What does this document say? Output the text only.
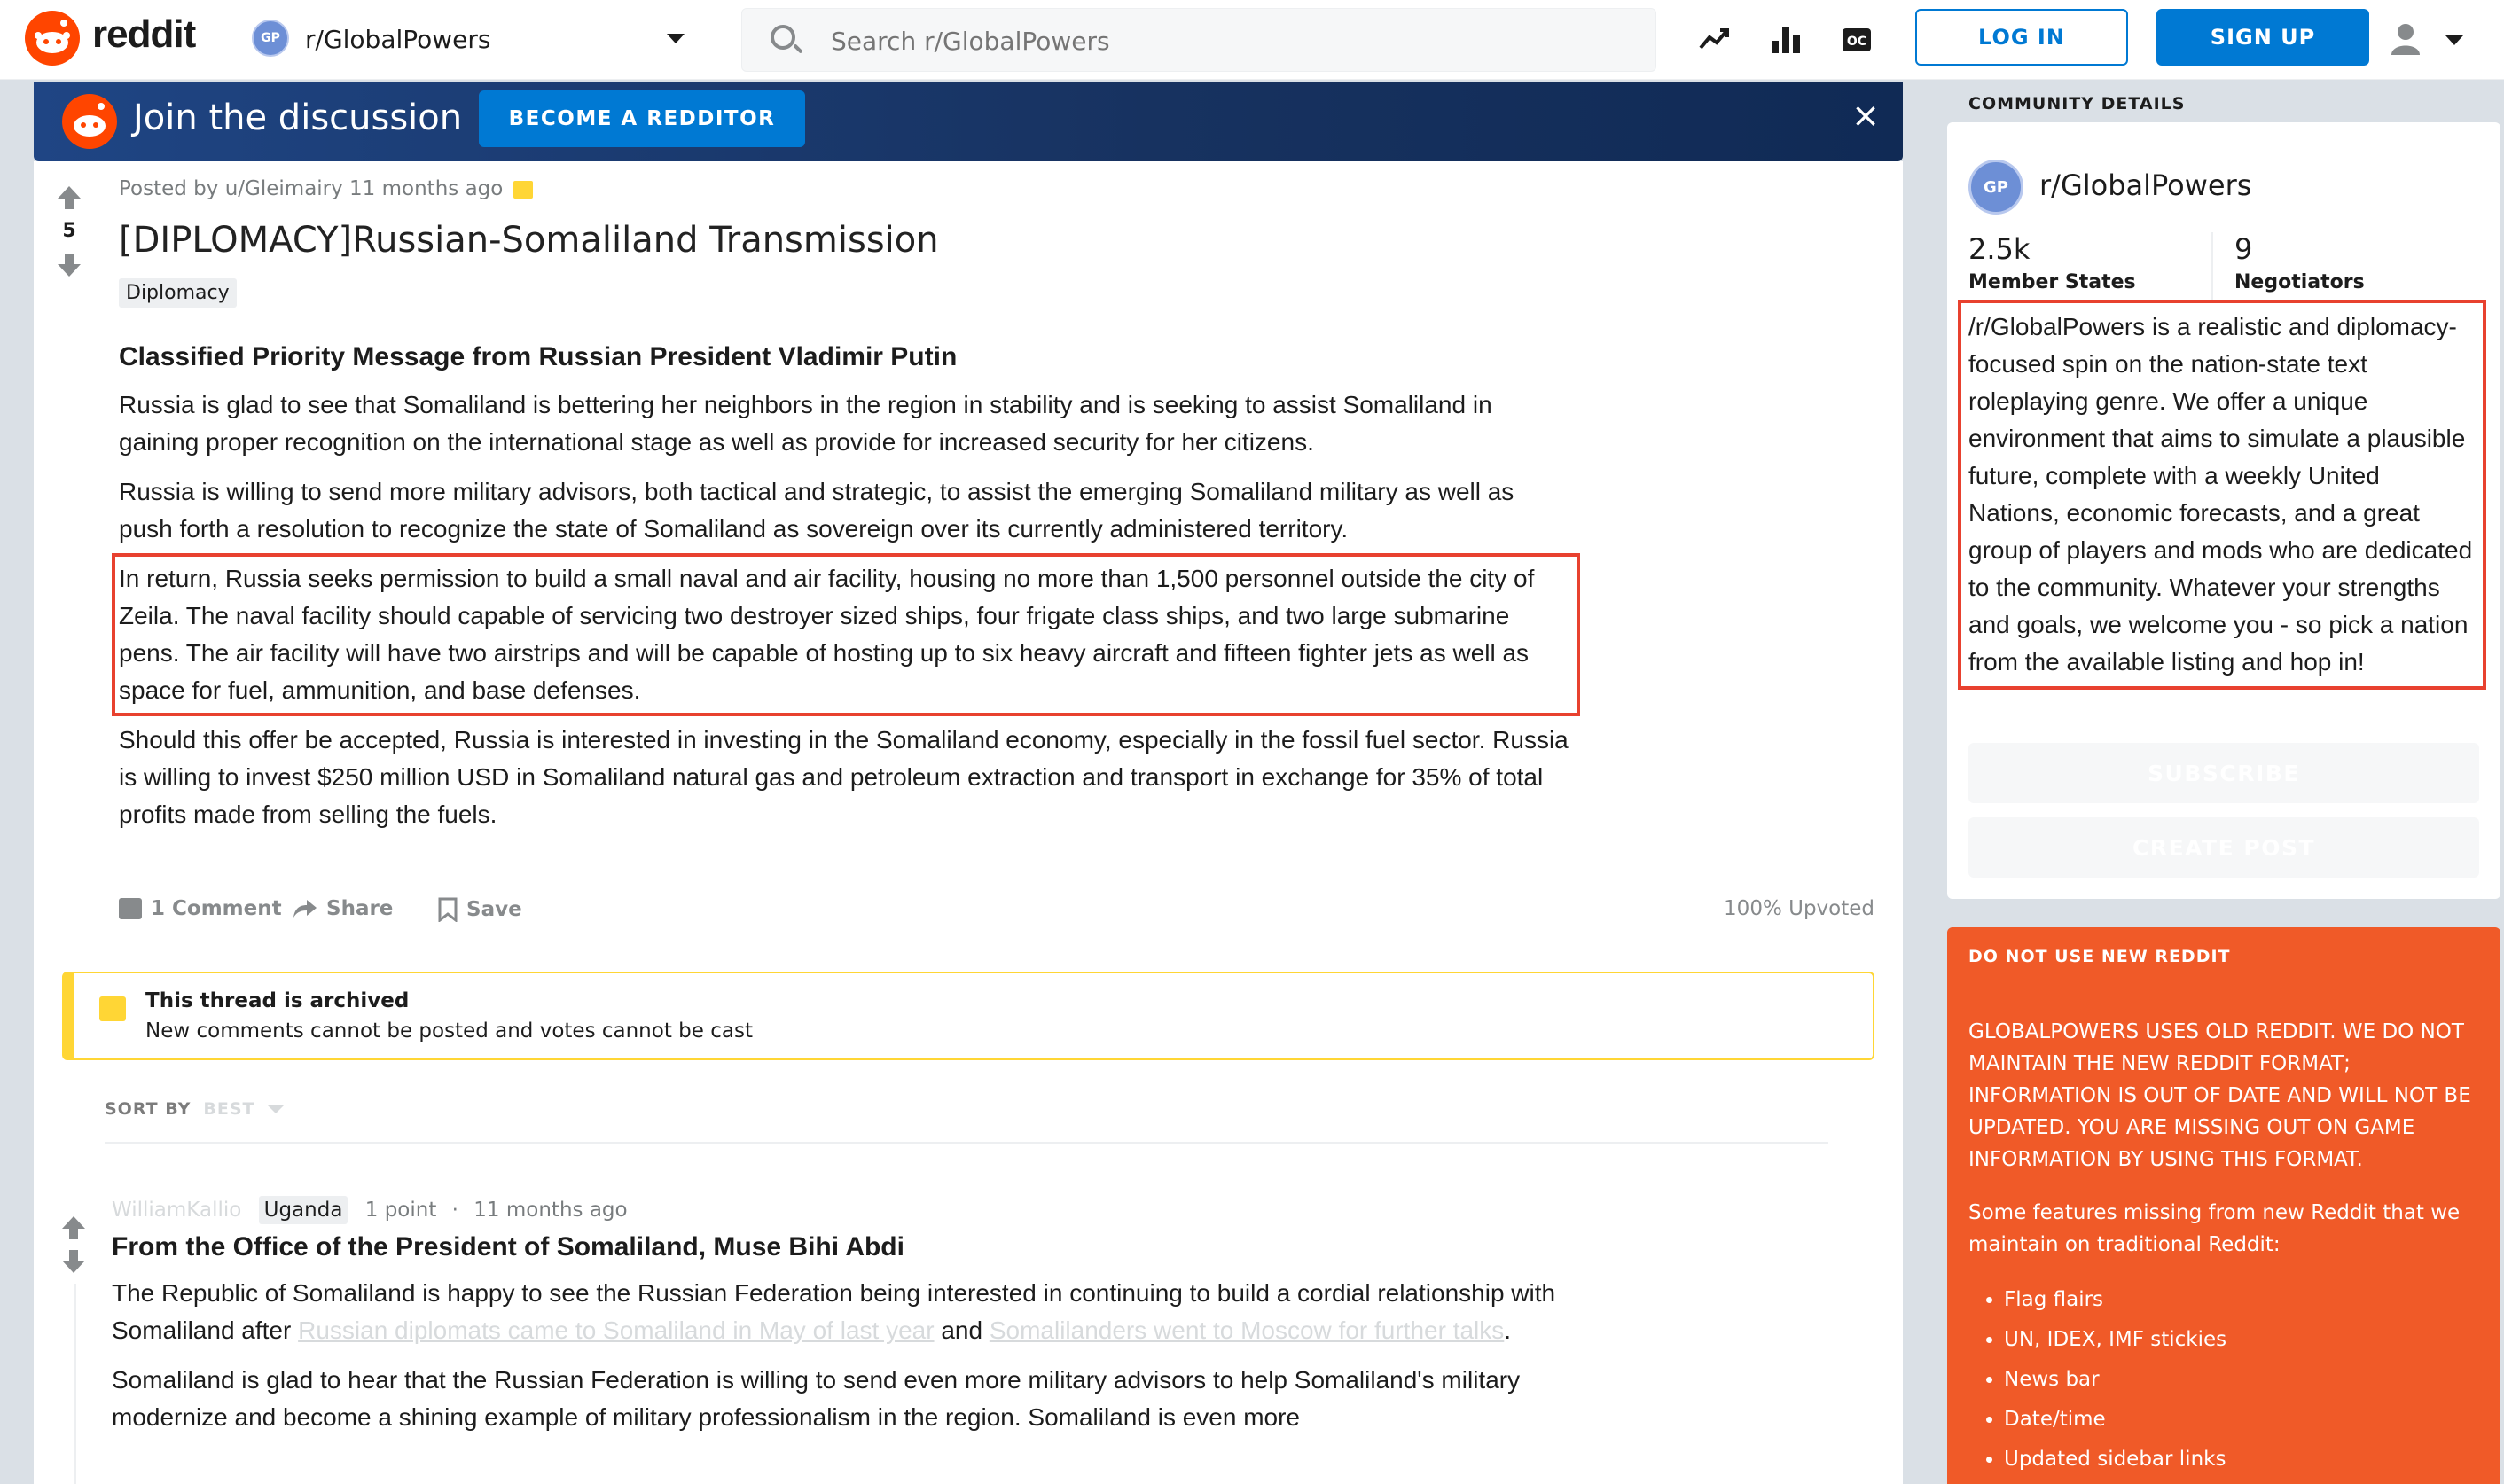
reddit	GP	r/GlobalPowers
Search r/GlobalPowers	OC	LOG IN	SIGN UP
Join the discussion	BECOME A REDDITOR	×
5
Posted by u/Gleimairy 11 months ago
[DIPLOMACY]Russian-Somaliland Transmission
Diplomacy
Classified Priority Message from Russian President Vladimir Putin

Russia is glad to see that Somaliland is bettering her neighbors in the region in stability and is seeking to assist Somaliland in gaining proper recognition on the international stage as well as provide for increased security for her citizens.

Russia is willing to send more military advisors, both tactical and strategic, to assist the emerging Somaliland military as well as push forth a resolution to recognize the state of Somaliland as sovereign over its currently administered territory.

In return, Russia seeks permission to build a small naval and air facility, housing no more than 1,500 personnel outside the city of Zeila. The naval facility should capable of servicing two destroyer sized ships, four frigate class ships, and two large submarine pens. The air facility will have two airstrips and will be capable of hosting up to six heavy aircraft and fifteen fighter jets as well as space for fuel, ammunition, and base defenses.

Should this offer be accepted, Russia is interested in investing in the Somaliland economy, especially in the fossil fuel sector. Russia is willing to invest $250 million USD in Somaliland natural gas and petroleum extraction and transport in exchange for 35% of total profits made from selling the fuels.

1 Comment Share	Save	100% Upvoted
This thread is archived
New comments cannot be posted and votes cannot be cast
SORT BY BEST
WilliamKallio Uganda 1 point · 11 months ago
From the Office of the President of Somaliland, Muse Bihi Abdi

The Republic of Somaliland is happy to see the Russian Federation being interested in continuing to build a cordial relationship with Somaliland after Russian diplomats came to Somaliland in May of last year and Somalilanders went to Moscow for further talks.

Somaliland is glad to hear that the Russian Federation is willing to send even more military advisors to help Somaliland's military modernize and become a shining example of military professionalism in the region. Somaliland is even more

COMMUNITY DETAILS
GP	r/GlobalPowers
2.5k
Member States
9
Negotiators
/r/GlobalPowers is a realistic and diplomacy-focused spin on the nation-state text roleplaying genre. We offer a unique environment that aims to simulate a plausible future, complete with a weekly United Nations, economic forecasts, and a great group of players and mods who are dedicated to the community. Whatever your strengths and goals, we welcome you - so pick a nation from the available listing and hop in!
SUBSCRIBE
CREATE POST
DO NOT USE NEW REDDIT
GLOBALPOWERS USES OLD REDDIT. WE DO NOT MAINTAIN THE NEW REDDIT FORMAT; INFORMATION IS OUT OF DATE AND WILL NOT BE UPDATED. YOU ARE MISSING OUT ON GAME INFORMATION BY USING THIS FORMAT.
Some features missing from new Reddit that we maintain on traditional Reddit:
• Flag flairs
• UN, IDEX, IMF stickies
• News bar
• Date/time
• Updated sidebar links
